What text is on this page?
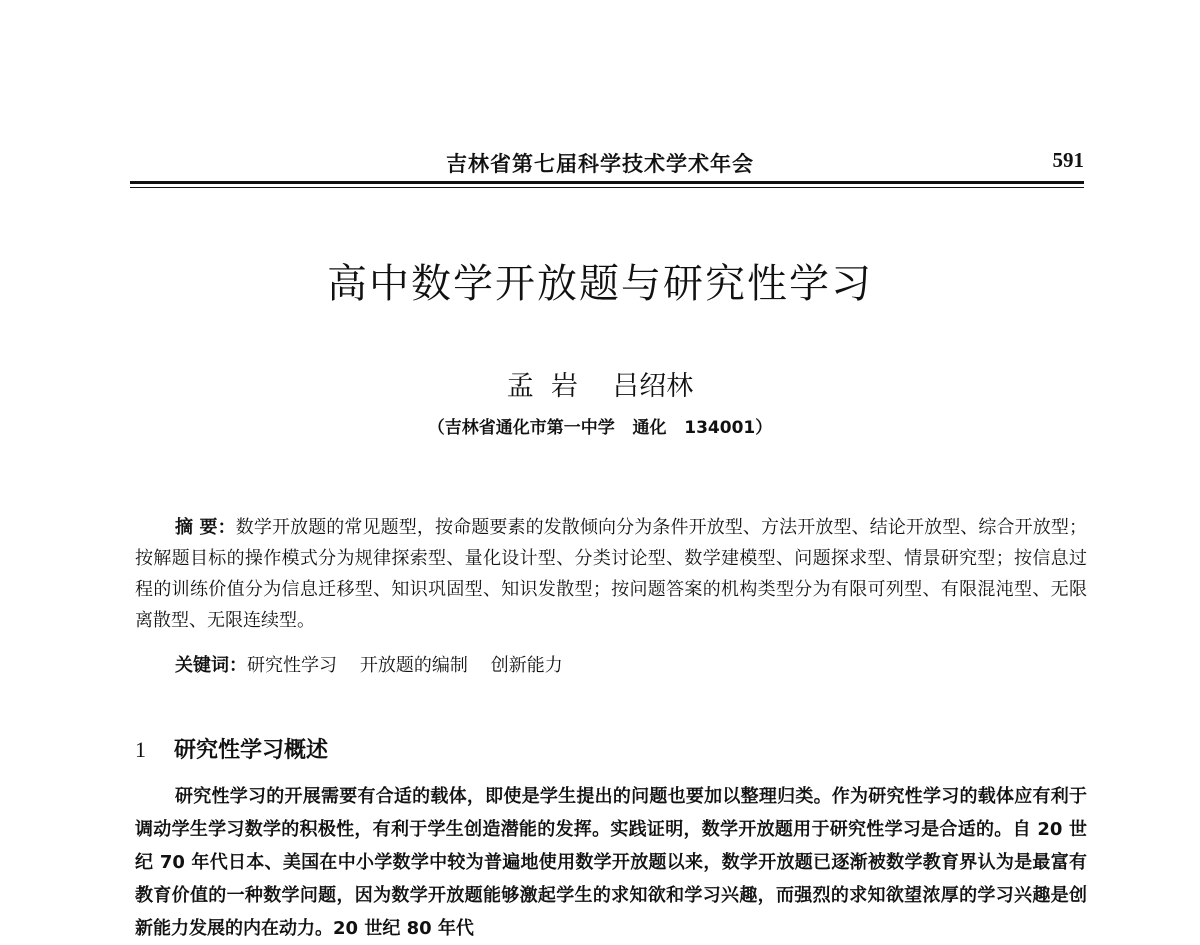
吉林省第七届科学技术学术年会	591
高中数学开放题与研究性学习
孟  岩    吕绍林
（吉林省通化市第一中学   通化   134001）

摘 要：数学开放题的常见题型，按命题要素的发散倾向分为条件开放型、方法开放型、结论开放型、综合开放型；按解题目标的操作模式分为规律探索型、量化设计型、分类讨论型、数学建模型、问题探求型、情景研究型；按信息过程的训练价值分为信息迁移型、知识巩固型、知识发散型；按问题答案的机构类型分为有限可列型、有限混沌型、无限离散型、无限连续型。

关键词：研究性学习    开放题的编制    创新能力
1 研究性学习概述

研究性学习的开展需要有合适的载体，即使是学生提出的问题也要加以整理归类。作为研究性学习的载体应有利于调动学生学习数学的积极性，有利于学生创造潜能的发挥。实践证明，数学开放题用于研究性学习是合适的。自 20 世纪 70 年代日本、美国在中小学数学中较为普遍地使用数学开放题以来，数学开放题已逐渐被数学教育界认为是最富有教育价值的一种数学问题，因为数学开放题能够激起学生的求知欲和学习兴趣，而强烈的求知欲望浓厚的学习兴趣是创新能力发展的内在动力。20 世纪 80 年代
